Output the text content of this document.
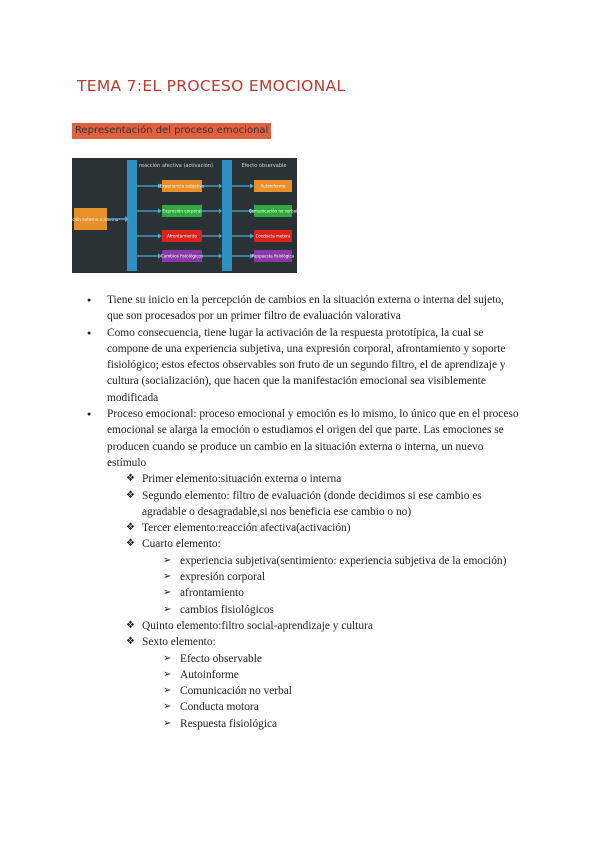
TEMA 7:EL PROCESO EMOCIONAL
Representación del proceso emocional
reacción afectiva (activación)	Efecto observable
Situación externa o interna
Experiencia subjetiva
Expresión corporal
Afrontamiento
Cambios fisiológicos
Autoinforme
Comunicación no verbal
Conducta motora
Respuesta fisiológica
● Tiene su inicio en la percepción de cambios en la situación externa o interna del sujeto, que son procesados por un primer filtro de evaluación valorativa
● Como consecuencia, tiene lugar la activación de la respuesta prototípica, la cual se compone de una experiencia subjetiva, una expresión corporal, afrontamiento y soporte fisiológico; estos efectos observables son fruto de un segundo filtro, el de aprendizaje y cultura (socialización), que hacen que la manifestación emocional sea visiblemente modificada
● Proceso emocional: proceso emocional y emoción es lo mismo, lo único que en el proceso emocional se alarga la emoción o estudiamos el origen del que parte. Las emociones se producen cuando se produce un cambio en la situación externa o interna, un nuevo estímulo
❖ Primer elemento:situación externa o interna
❖ Segundo elemento: filtro de evaluación (donde decidimos si ese cambio es agradable o desagradable,si nos beneficia ese cambio o no)
❖ Tercer elemento:reacción afectiva(activación)
❖ Cuarto elemento:
➢ experiencia subjetiva(sentimiento: experiencia subjetiva de la emoción)
➢ expresión corporal
➢ afrontamiento
➢ cambios fisiológicos
❖ Quinto elemento:filtro social-aprendizaje y cultura
❖ Sexto elemento:
➢ Efecto observable
➢ Autoinforme
➢ Comunicación no verbal
➢ Conducta motora
➢ Respuesta fisiológica
